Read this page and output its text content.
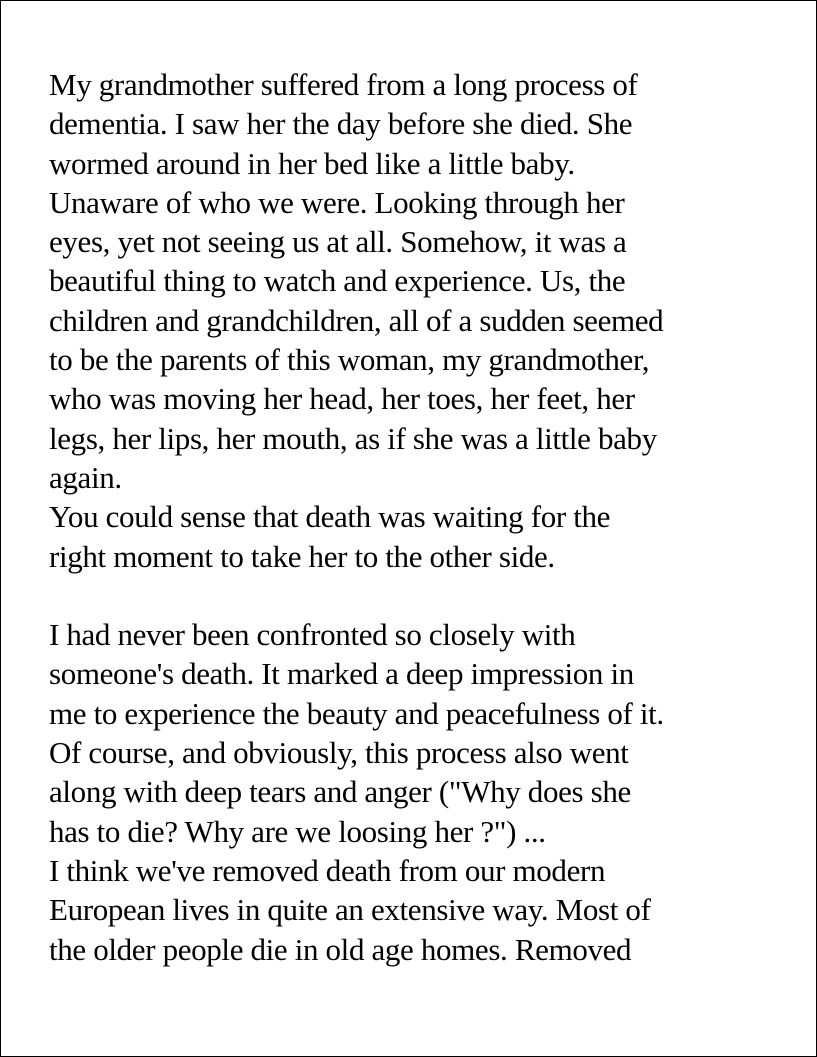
My grandmother suffered from a long process of
dementia. I saw her the day before she died. She
wormed around in her bed like a little baby.
Unaware of who we were. Looking through her
eyes, yet not seeing us at all. Somehow, it was a
beautiful thing to watch and experience. Us, the
children and grandchildren, all of a sudden seemed
to be the parents of this woman, my grandmother,
who was moving her head, her toes, her feet, her
legs, her lips, her mouth, as if she was a little baby
again.
You could sense that death was waiting for the
right moment to take her to the other side.
I had never been confronted so closely with
someone's death. It marked a deep impression in
me to experience the beauty and peacefulness of it.
Of course, and obviously, this process also went
along with deep tears and anger ("Why does she
has to die? Why are we loosing her ?") ...
I think we've removed death from our modern
European lives in quite an extensive way. Most of
the older people die in old age homes. Removed
